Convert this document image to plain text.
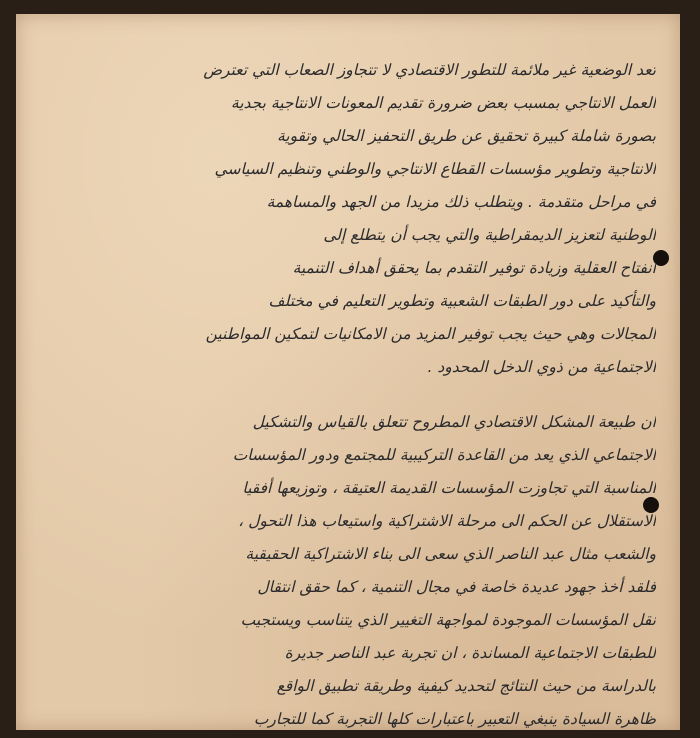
تعد الوضعية غير ملائمة للتطور الاقتصادي لا تتجاوز الصعاب التي تعترض
العمل الانتاجي بمسبب بعض ضرورة تقديم المعونات الانتاجية بجدية
بصورة شاملة كبيرة تحقيق عن طريق التحفيز الحالي وتقوية
الانتاجية وتطوير مؤسسات القطاع الانتاجي والوطني وتنظيم السياسي
في مراحل متقدمة . ويتطلب ذلك مزيدا من الجهد والمساهمة
الوطنية لتعزيز الديمقراطية والتي يجب أن يتطلع إلى
انفتاح العقلية وزيادة توفير التقدم بما يحقق أهداف التنمية
والتأكيد على دور الطبقات الشعبية وتطوير التعليم في مختلف
المجالات وهي حيث يجب توفير المزيد من الامكانيات لتمكين المواطنين
الاجتماعية من ذوي الدخل المحدود .
ان طبيعة المشكل الاقتصادي المطروح تتعلق بالقياس والتشكيل
الاجتماعي الذي يعد من القاعدة التركيبية للمجتمع ودور المؤسسات
المناسبة التي تجاوزت المؤسسات القديمة العتيقة ، وتوزيعها أفقيا
الاستقلال عن الحكم الى مرحلة الاشتراكية واستيعاب هذا التحول ،
والشعب مثال عبد الناصر الذي سعى الى بناء الاشتراكية الحقيقية
فلقد أخذ جهود عديدة خاصة في مجال التنمية ، كما حقق انتقال
نقل المؤسسات الموجودة لمواجهة التغيير الذي يتناسب ويستجيب
للطبقات الاجتماعية المساندة ، ان تجربة عبد الناصر جديرة
بالدراسة من حيث النتائج لتحديد كيفية وطريقة تطبيق الواقع
ظاهرة السيادة ينبغي التعبير باعتبارات كلها التجربة كما للتجارب
